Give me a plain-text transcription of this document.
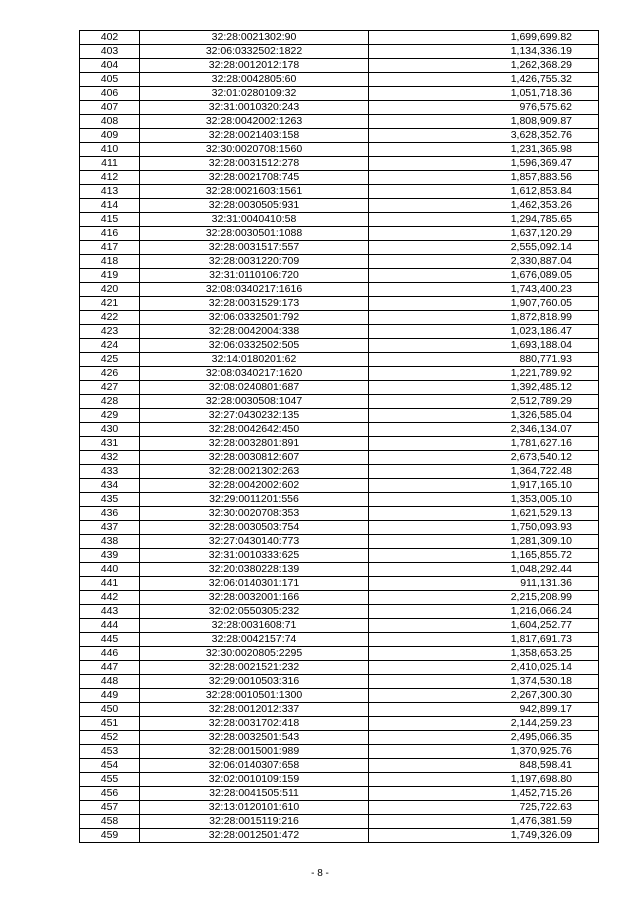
402	32:28:0021302:90	1,699,699.82
403	32:06:0332502:1822	1,134,336.19
404	32:28:0012012:178	1,262,368.29
405	32:28:0042805:60	1,426,755.32
406	32:01:0280109:32	1,051,718.36
407	32:31:0010320:243	976,575.62
408	32:28:0042002:1263	1,808,909.87
409	32:28:0021403:158	3,628,352.76
410	32:30:0020708:1560	1,231,365.98
411	32:28:0031512:278	1,596,369.47
412	32:28:0021708:745	1,857,883.56
413	32:28:0021603:1561	1,612,853.84
414	32:28:0030505:931	1,462,353.26
415	32:31:0040410:58	1,294,785.65
416	32:28:0030501:1088	1,637,120.29
417	32:28:0031517:557	2,555,092.14
418	32:28:0031220:709	2,330,887.04
419	32:31:0110106:720	1,676,089.05
420	32:08:0340217:1616	1,743,400.23
421	32:28:0031529:173	1,907,760.05
422	32:06:0332501:792	1,872,818.99
423	32:28:0042004:338	1,023,186.47
424	32:06:0332502:505	1,693,188.04
425	32:14:0180201:62	880,771.93
426	32:08:0340217:1620	1,221,789.92
427	32:08:0240801:687	1,392,485.12
428	32:28:0030508:1047	2,512,789.29
429	32:27:0430232:135	1,326,585.04
430	32:28:0042642:450	2,346,134.07
431	32:28:0032801:891	1,781,627.16
432	32:28:0030812:607	2,673,540.12
433	32:28:0021302:263	1,364,722.48
434	32:28:0042002:602	1,917,165.10
435	32:29:0011201:556	1,353,005.10
436	32:30:0020708:353	1,621,529.13
437	32:28:0030503:754	1,750,093.93
438	32:27:0430140:773	1,281,309.10
439	32:31:0010333:625	1,165,855.72
440	32:20:0380228:139	1,048,292.44
441	32:06:0140301:171	911,131.36
442	32:28:0032001:166	2,215,208.99
443	32:02:0550305:232	1,216,066.24
444	32:28:0031608:71	1,604,252.77
445	32:28:0042157:74	1,817,691.73
446	32:30:0020805:2295	1,358,653.25
447	32:28:0021521:232	2,410,025.14
448	32:29:0010503:316	1,374,530.18
449	32:28:0010501:1300	2,267,300.30
450	32:28:0012012:337	942,899.17
451	32:28:0031702:418	2,144,259.23
452	32:28:0032501:543	2,495,066.35
453	32:28:0015001:989	1,370,925.76
454	32:06:0140307:658	848,598.41
455	32:02:0010109:159	1,197,698.80
456	32:28:0041505:511	1,452,715.26
457	32:13:0120101:610	725,722.63
458	32:28:0015119:216	1,476,381.59
459	32:28:0012501:472	1,749,326.09
- 8 -
